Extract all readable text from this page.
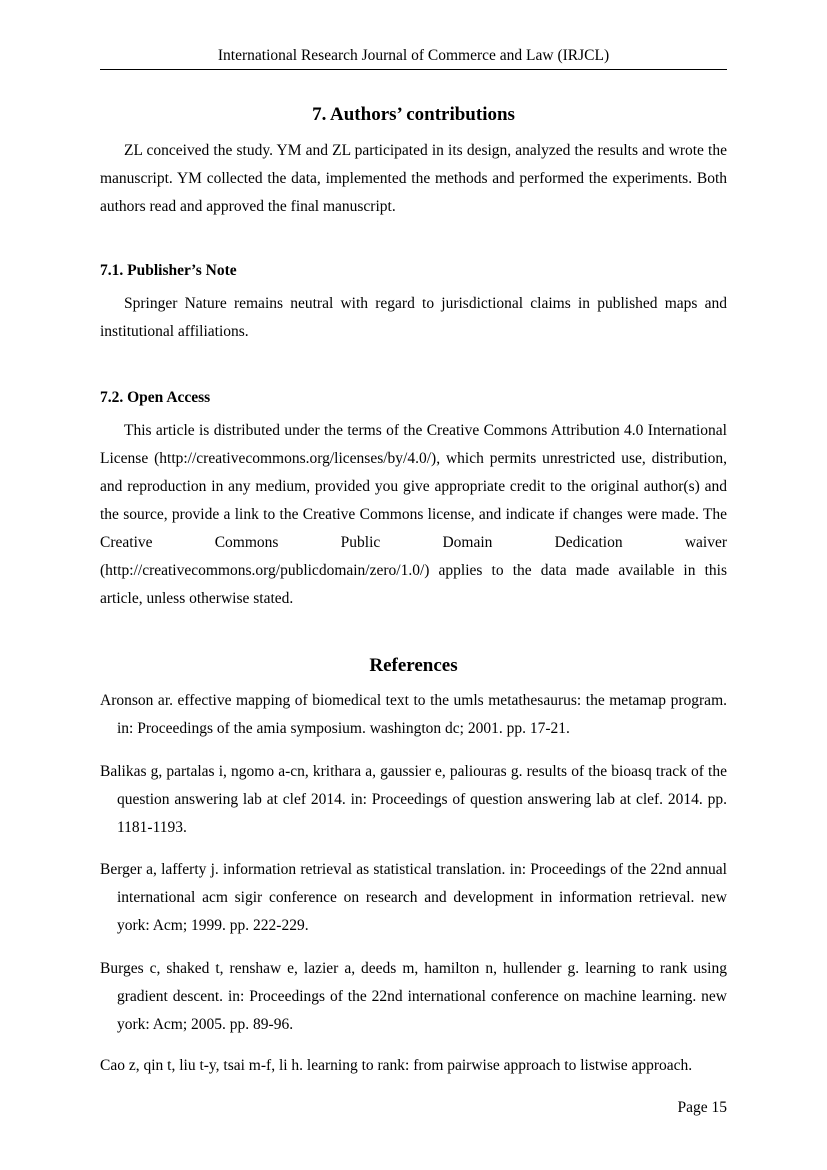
International Research Journal of Commerce and Law (IRJCL)
7. Authors’ contributions

ZL conceived the study. YM and ZL participated in its design, analyzed the results and wrote the manuscript. YM collected the data, implemented the methods and performed the experiments. Both authors read and approved the final manuscript.

7.1. Publisher’s Note

Springer Nature remains neutral with regard to jurisdictional claims in published maps and institutional affiliations.

7.2. Open Access

This article is distributed under the terms of the Creative Commons Attribution 4.0 International License (http://creativecommons.org/licenses/by/4.0/), which permits unrestricted use, distribution, and reproduction in any medium, provided you give appropriate credit to the original author(s) and the source, provide a link to the Creative Commons license, and indicate if changes were made. The Creative Commons Public Domain Dedication waiver (http://creativecommons.org/publicdomain/zero/1.0/) applies to the data made available in this article, unless otherwise stated.

References

Aronson ar. effective mapping of biomedical text to the umls metathesaurus: the metamap program. in: Proceedings of the amia symposium. washington dc; 2001. pp. 17-21.

Balikas g, partalas i, ngomo a-cn, krithara a, gaussier e, paliouras g. results of the bioasq track of the question answering lab at clef 2014. in: Proceedings of question answering lab at clef. 2014. pp. 1181-1193.

Berger a, lafferty j. information retrieval as statistical translation. in: Proceedings of the 22nd annual international acm sigir conference on research and development in information retrieval. new york: Acm; 1999. pp. 222-229.

Burges c, shaked t, renshaw e, lazier a, deeds m, hamilton n, hullender g. learning to rank using gradient descent. in: Proceedings of the 22nd international conference on machine learning. new york: Acm; 2005. pp. 89-96.

Cao z, qin t, liu t-y, tsai m-f, li h. learning to rank: from pairwise approach to listwise approach.

Page 15
